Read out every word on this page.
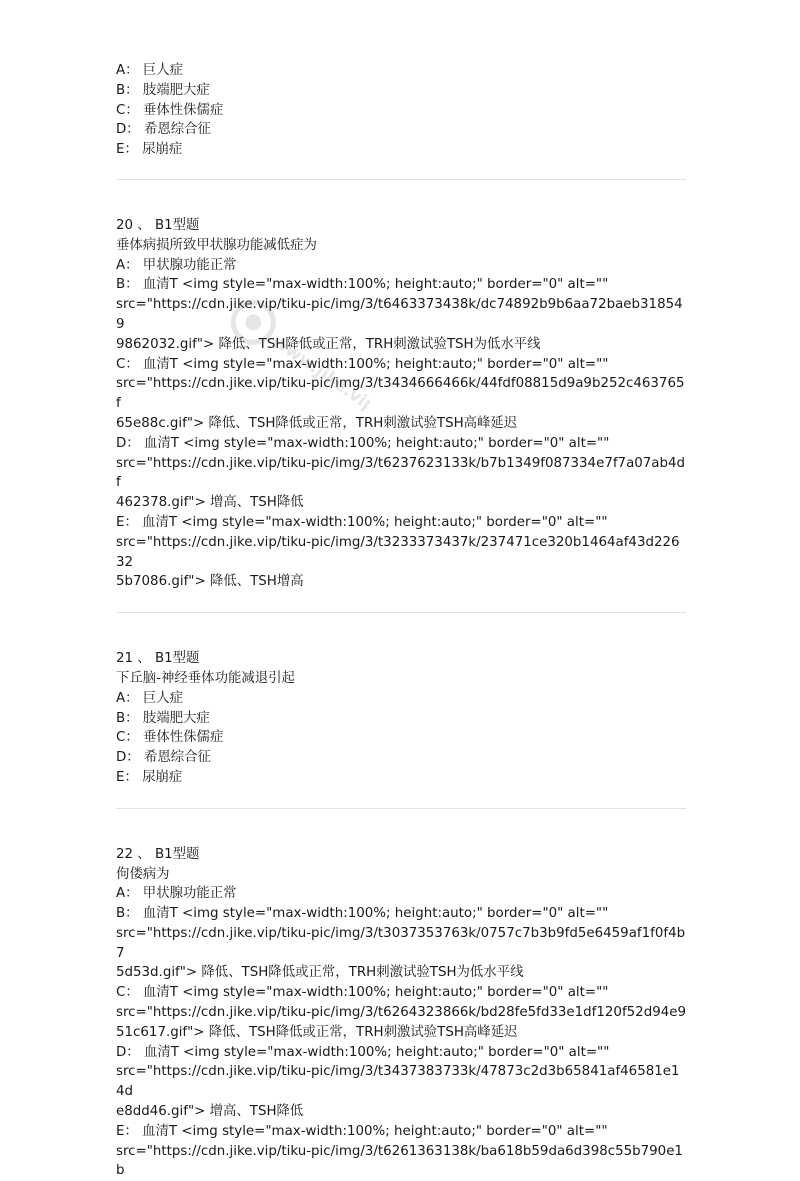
A： 巨人症
B： 肢端肥大症
C： 垂体性侏儒症
D： 希恩综合征
E： 尿崩症
20 、 B1型题
垂体病损所致甲状腺功能减低症为
A： 甲状腺功能正常
B： 血清T <img style="max-width:100%; height:auto;" border="0" alt=""
src="https://cdn.jike.vip/tiku-pic/img/3/t6463373438k/dc74892b9b6aa72baeb318549
9862032.gif"> 降低、TSH降低或正常，TRH刺激试验TSH为低水平线
C： 血清T <img style="max-width:100%; height:auto;" border="0" alt=""
src="https://cdn.jike.vip/tiku-pic/img/3/t3434666466k/44fdf08815d9a9b252c463765f
65e88c.gif"> 降低、TSH降低或正常，TRH刺激试验TSH高峰延迟
D： 血清T <img style="max-width:100%; height:auto;" border="0" alt=""
src="https://cdn.jike.vip/tiku-pic/img/3/t6237623133k/b7b1349f087334e7f7a07ab4df
462378.gif"> 增高、TSH降低
E： 血清T <img style="max-width:100%; height:auto;" border="0" alt=""
src="https://cdn.jike.vip/tiku-pic/img/3/t3233373437k/237471ce320b1464af43d22632
5b7086.gif"> 降低、TSH增高
21 、 B1型题
下丘脑-神经垂体功能减退引起
A： 巨人症
B： 肢端肥大症
C： 垂体性侏儒症
D： 希恩综合征
E： 尿崩症
22 、 B1型题
佝偻病为
A： 甲状腺功能正常
B： 血清T <img style="max-width:100%; height:auto;" border="0" alt=""
src="https://cdn.jike.vip/tiku-pic/img/3/t3037353763k/0757c7b3b9fd5e6459af1f0f4b7
5d53d.gif"> 降低、TSH降低或正常，TRH刺激试验TSH为低水平线
C： 血清T <img style="max-width:100%; height:auto;" border="0" alt=""
src="https://cdn.jike.vip/tiku-pic/img/3/t6264323866k/bd28fe5fd33e1df120f52d94e9
51c617.gif"> 降低、TSH降低或正常，TRH刺激试验TSH高峰延迟
D： 血清T <img style="max-width:100%; height:auto;" border="0" alt=""
src="https://cdn.jike.vip/tiku-pic/img/3/t3437383733k/47873c2d3b65841af46581e14d
e8dd46.gif"> 增高、TSH降低
E： 血清T <img style="max-width:100%; height:auto;" border="0" alt=""
src="https://cdn.jike.vip/tiku-pic/img/3/t6261363138k/ba618b59da6d398c55b790e1b
www.jike.vip
